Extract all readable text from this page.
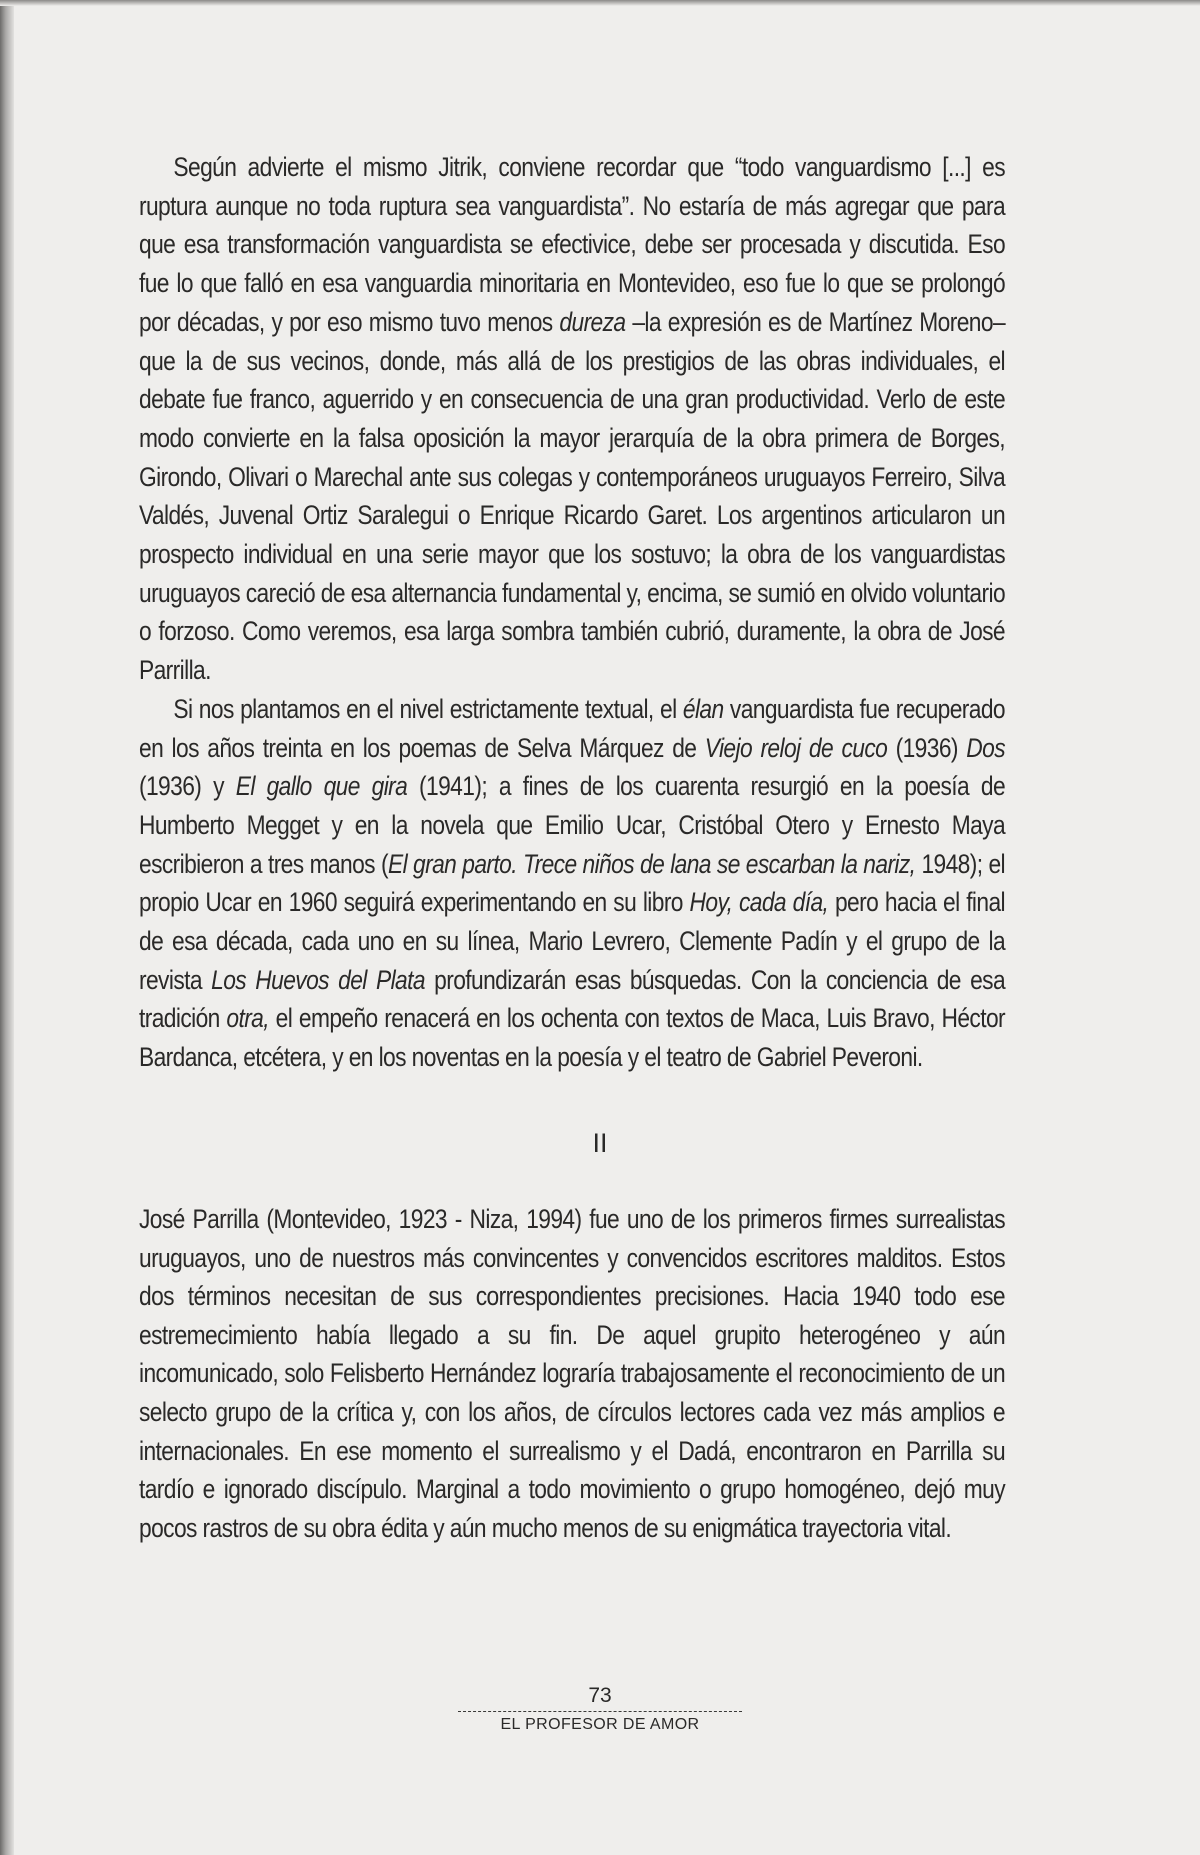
Según advierte el mismo Jitrik, conviene recordar que “todo vanguardismo [...] es ruptura aunque no toda ruptura sea vanguardista”. No estaría de más agregar que para que esa transformación vanguardista se efectivice, debe ser procesada y discutida. Eso fue lo que falló en esa vanguardia minoritaria en Montevideo, eso fue lo que se prolongó por décadas, y por eso mismo tuvo menos dureza –la expresión es de Martínez Moreno– que la de sus vecinos, donde, más allá de los prestigios de las obras individuales, el debate fue franco, aguerrido y en consecuencia de una gran productividad. Verlo de este modo convierte en la falsa oposición la mayor jerarquía de la obra primera de Borges, Girondo, Olivari o Marechal ante sus colegas y contemporáneos uruguayos Ferreiro, Silva Valdés, Juvenal Ortiz Saralegui o Enrique Ricardo Garet. Los argentinos articularon un prospecto individual en una serie mayor que los sostuvo; la obra de los vanguardistas uruguayos careció de esa alternancia fundamental y, encima, se sumió en olvido voluntario o forzoso. Como veremos, esa larga sombra también cubrió, duramente, la obra de José Parrilla.

Si nos plantamos en el nivel estrictamente textual, el élan vanguardista fue recuperado en los años treinta en los poemas de Selva Márquez de Viejo reloj de cuco (1936) Dos (1936) y El gallo que gira (1941); a fines de los cuarenta resurgió en la poesía de Humberto Megget y en la novela que Emilio Ucar, Cristóbal Otero y Ernesto Maya escribieron a tres manos (El gran parto. Trece niños de lana se escarban la nariz, 1948); el propio Ucar en 1960 seguirá experimentando en su libro Hoy, cada día, pero hacia el final de esa década, cada uno en su línea, Mario Levrero, Clemente Padín y el grupo de la revista Los Huevos del Plata profundizarán esas búsquedas. Con la conciencia de esa tradición otra, el empeño renacerá en los ochenta con textos de Maca, Luis Bravo, Héctor Bardanca, etcétera, y en los noventas en la poesía y el teatro de Gabriel Peveroni.

II

José Parrilla (Montevideo, 1923 - Niza, 1994) fue uno de los primeros firmes surrealistas uruguayos, uno de nuestros más convincentes y convencidos escritores malditos. Estos dos términos necesitan de sus correspondientes precisiones. Hacia 1940 todo ese estremecimiento había llegado a su fin. De aquel grupito heterogéneo y aún incomunicado, solo Felisberto Hernández lograría trabajosamente el reconocimiento de un selecto grupo de la crítica y, con los años, de círculos lectores cada vez más amplios e internacionales. En ese momento el surrealismo y el Dadá, encontraron en Parrilla su tardío e ignorado discípulo. Marginal a todo movimiento o grupo homogéneo, dejó muy pocos rastros de su obra édita y aún mucho menos de su enigmática trayectoria vital.

73
EL PROFESOR DE AMOR
